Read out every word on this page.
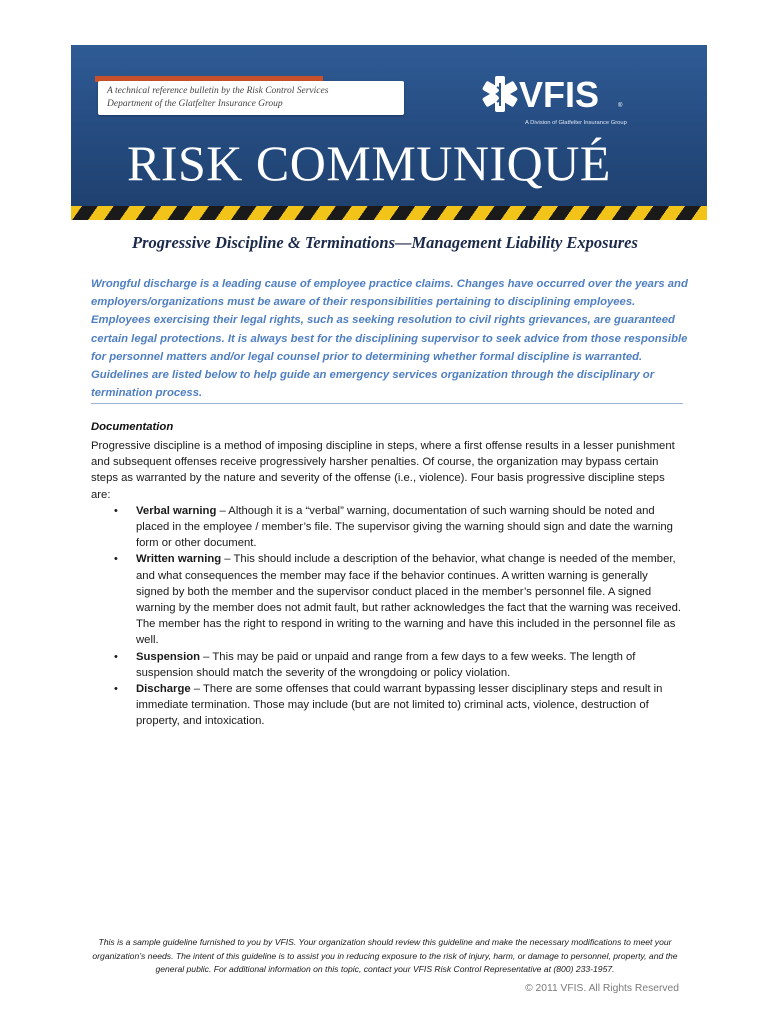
A technical reference bulletin by the Risk Control Services
Department of the Glatfelter Insurance Group	VFIS	®
A Division of Glatfelter Insurance Group
RISK COMMUNIQUÉ
Progressive Discipline & Terminations—Management Liability Exposures
Wrongful discharge is a leading cause of employee practice claims. Changes have occurred over the years and employers/organizations must be aware of their responsibilities pertaining to disciplining employees. Employees exercising their legal rights, such as seeking resolution to civil rights grievances, are guaranteed certain legal protections. It is always best for the disciplining supervisor to seek advice from those responsible for personnel matters and/or legal counsel prior to determining whether formal discipline is warranted. Guidelines are listed below to help guide an emergency services organization through the disciplinary or termination process.
Documentation

Progressive discipline is a method of imposing discipline in steps, where a first offense results in a lesser punishment and subsequent offenses receive progressively harsher penalties. Of course, the organization may bypass certain steps as warranted by the nature and severity of the offense (i.e., violence). Four basis progressive discipline steps are:

• Verbal warning – Although it is a “verbal” warning, documentation of such warning should be noted and placed in the employee / member’s file. The supervisor giving the warning should sign and date the warning form or other document.
• Written warning – This should include a description of the behavior, what change is needed of the member, and what consequences the member may face if the behavior continues. A written warning is generally signed by both the member and the supervisor conduct placed in the member’s personnel file. A signed warning by the member does not admit fault, but rather acknowledges the fact that the warning was received. The member has the right to respond in writing to the warning and have this included in the personnel file as well.
• Suspension – This may be paid or unpaid and range from a few days to a few weeks. The length of suspension should match the severity of the wrongdoing or policy violation.
• Discharge – There are some offenses that could warrant bypassing lesser disciplinary steps and result in immediate termination. Those may include (but are not limited to) criminal acts, violence, destruction of property, and intoxication.
This is a sample guideline furnished to you by VFIS. Your organization should review this guideline and make the necessary modifications to meet your organization’s needs. The intent of this guideline is to assist you in reducing exposure to the risk of injury, harm, or damage to personnel, property, and the general public. For additional information on this topic, contact your VFIS Risk Control Representative at (800) 233-1957.
© 2011 VFIS. All Rights Reserved
